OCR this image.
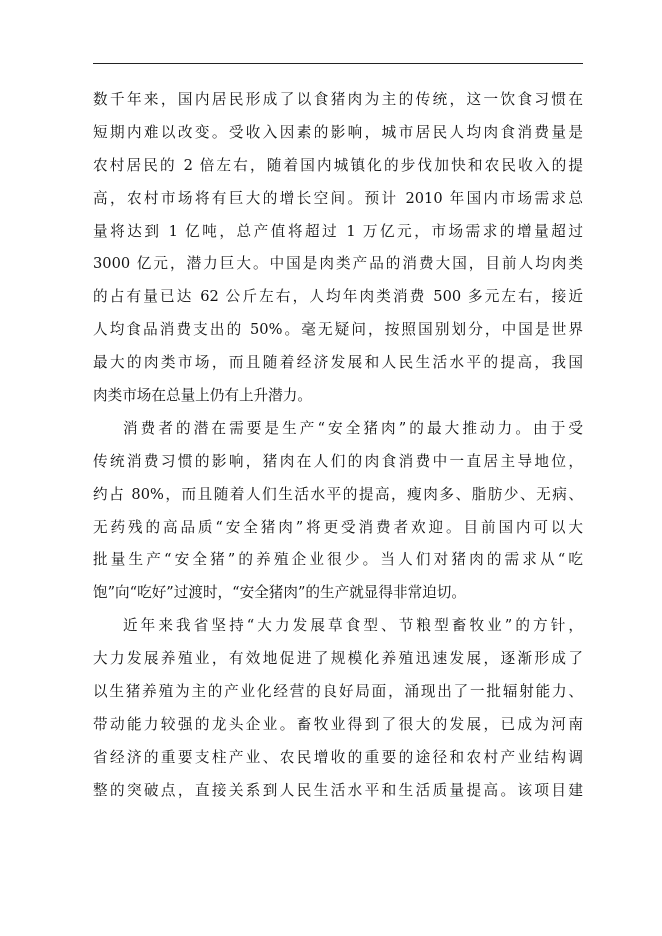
数千年来，国内居民形成了以食猪肉为主的传统，这一饮食习惯在
短期内难以改变。受收入因素的影响，城市居民人均肉食消费量是
农村居民的 2 倍左右，随着国内城镇化的步伐加快和农民收入的提
高，农村市场将有巨大的增长空间。预计 2010 年国内市场需求总
量将达到 1 亿吨，总产值将超过 1 万亿元，市场需求的增量超过
3000 亿元，潜力巨大。中国是肉类产品的消费大国，目前人均肉类
的占有量已达 62 公斤左右，人均年肉类消费 500 多元左右，接近
人均食品消费支出的 50%。毫无疑问，按照国别划分，中国是世界
最大的肉类市场，而且随着经济发展和人民生活水平的提高，我国
肉类市场在总量上仍有上升潜力。
消费者的潜在需要是生产“安全猪肉”的最大推动力。由于受
传统消费习惯的影响，猪肉在人们的肉食消费中一直居主导地位，
约占 80%，而且随着人们生活水平的提高，瘦肉多、脂肪少、无病、
无药残的高品质“安全猪肉”将更受消费者欢迎。目前国内可以大
批量生产“安全猪”的养殖企业很少。当人们对猪肉的需求从“吃
饱”向“吃好”过渡时，“安全猪肉”的生产就显得非常迫切。
近年来我省坚持“大力发展草食型、节粮型畜牧业”的方针，
大力发展养殖业，有效地促进了规模化养殖迅速发展，逐渐形成了
以生猪养殖为主的产业化经营的良好局面，涌现出了一批辐射能力、
带动能力较强的龙头企业。畜牧业得到了很大的发展，已成为河南
省经济的重要支柱产业、农民增收的重要的途径和农村产业结构调
整的突破点，直接关系到人民生活水平和生活质量提高。该项目建
